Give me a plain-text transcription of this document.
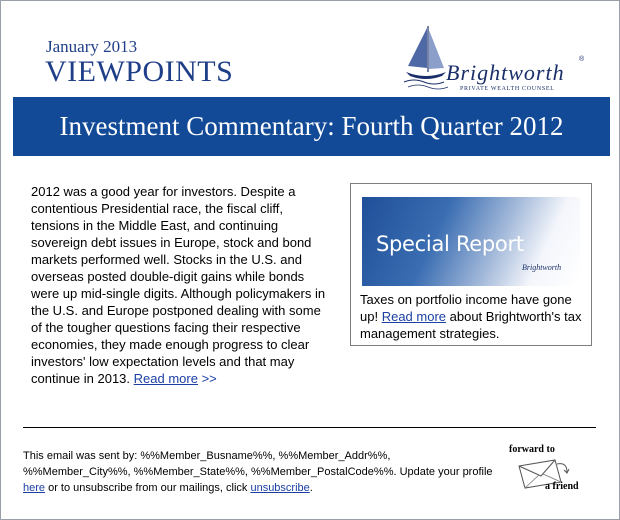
January 2013
VIEWPOINTS	Brightworth
®
PRIVATE WEALTH COUNSEL
Investment Commentary: Fourth Quarter 2012
2012 was a good year for investors. Despite a contentious Presidential race, the fiscal cliff, tensions in the Middle East, and continuing sovereign debt issues in Europe, stock and bond markets performed well. Stocks in the U.S. and overseas posted double-digit gains while bonds were up mid-single digits. Although policymakers in the U.S. and Europe postponed dealing with some of the tougher questions facing their respective economies, they made enough progress to clear investors' low expectation levels and that may continue in 2013. Read more >>
Special Report
Brightworth
Taxes on portfolio income have gone up! Read more about Brightworth's tax management strategies.
This email was sent by: %%Member_Busname%%, %%Member_Addr%%, %%Member_City%%, %%Member_State%%, %%Member_PostalCode%%. Update your profile here or to unsubscribe from our mailings, click unsubscribe.
forward to
a friend
